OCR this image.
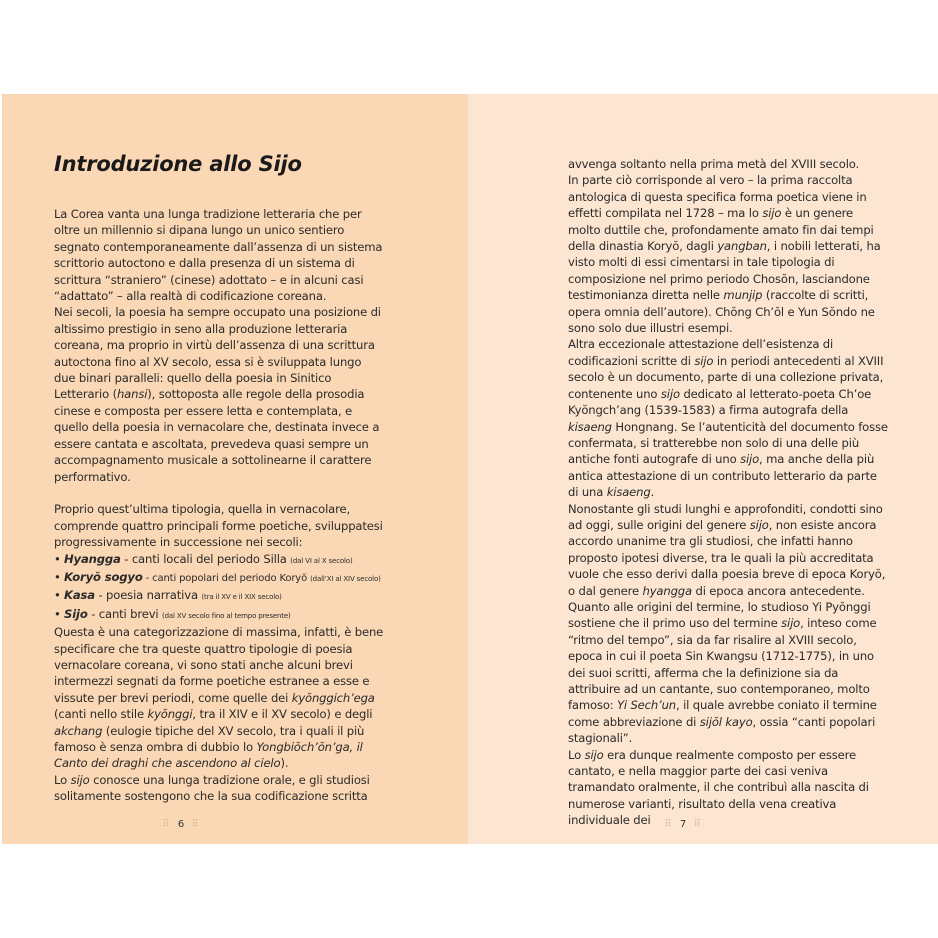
Introduzione allo Sijo

La Corea vanta una lunga tradizione letteraria che per oltre un millennio si dipana lungo un unico sentiero segnato contemporaneamente dall’assenza di un sistema scrittorio autoctono e dalla presenza di un sistema di scrittura “straniero” (cinese) adottato – e in alcuni casi “adattato” – alla realtà di codificazione coreana.

Nei secoli, la poesia ha sempre occupato una posizione di altissimo prestigio in seno alla produzione letteraria coreana, ma proprio in virtù dell’assenza di una scrittura autoctona fino al XV secolo, essa si è sviluppata lungo due binari paralleli: quello della poesia in Sinitico Letterario (hansi), sottoposta alle regole della prosodia cinese e composta per essere letta e contemplata, e quello della poesia in vernacolare che, destinata invece a essere cantata e ascoltata, prevedeva quasi sempre un accompagnamento musicale a sottolinearne il carattere performativo.

Proprio quest’ultima tipologia, quella in vernacolare, comprende quattro principali forme poetiche, sviluppatesi progressivamente in successione nei secoli:

• Hyangga - canti locali del periodo Silla (dal VI al X secolo)

• Koryŏ sogyo - canti popolari del periodo Koryŏ (dall’XI al XIV secolo)

• Kasa - poesia narrativa (tra il XV e il XIX secolo)

• Sijo - canti brevi (dal XV secolo fino al tempo presente)

Questa è una categorizzazione di massima, infatti, è bene specificare che tra queste quattro tipologie di poesia vernacolare coreana, vi sono stati anche alcuni brevi intermezzi segnati da forme poetiche estranee a esse e vissute per brevi periodi, come quelle dei kyŏnggich’ega (canti nello stile kyŏnggi, tra il XIV e il XV secolo) e degli akchang (eulogie tipiche del XV secolo, tra i quali il più famoso è senza ombra di dubbio lo Yongbiŏch’ŏn’ga, il Canto dei draghi che ascendono al cielo).

Lo sijo conosce una lunga tradizione orale, e gli studiosi solitamente sostengono che la sua codificazione scritta

⠿ 6 ⠿

avvenga soltanto nella prima metà del XVIII secolo.

In parte ciò corrisponde al vero – la prima raccolta antologica di questa specifica forma poetica viene in effetti compilata nel 1728 – ma lo sijo è un genere molto duttile che, profondamente amato fin dai tempi della dinastia Koryŏ, dagli yangban, i nobili letterati, ha visto molti di essi cimentarsi in tale tipologia di composizione nel primo periodo Chosŏn, lasciandone testimonianza diretta nelle munjip (raccolte di scritti, opera omnia dell’autore). Chŏng Ch’ŏl e Yun Sŏndo ne sono solo due illustri esempi.

Altra eccezionale attestazione dell’esistenza di codificazioni scritte di sijo in periodi antecedenti al XVIII secolo è un documento, parte di una collezione privata, contenente uno sijo dedicato al letterato-poeta Ch’oe Kyŏngch’ang (1539-1583) a firma autografa della kisaeng Hongnang. Se l’autenticità del documento fosse confermata, si tratterebbe non solo di una delle più antiche fonti autografe di uno sijo, ma anche della più antica attestazione di un contributo letterario da parte di una kisaeng.

Nonostante gli studi lunghi e approfonditi, condotti sino ad oggi, sulle origini del genere sijo, non esiste ancora accordo unanime tra gli studiosi, che infatti hanno proposto ipotesi diverse, tra le quali la più accreditata vuole che esso derivi dalla poesia breve di epoca Koryŏ, o dal genere hyangga di epoca ancora antecedente.

Quanto alle origini del termine, lo studioso Yi Pyŏnggi sostiene che il primo uso del termine sijo, inteso come “ritmo del tempo”, sia da far risalire al XVIII secolo, epoca in cui il poeta Sin Kwangsu (1712-1775), in uno dei suoi scritti, afferma che la definizione sia da attribuire ad un cantante, suo contemporaneo, molto famoso: Yi Sech’un, il quale avrebbe coniato il termine come abbreviazione di sijŏl kayo, ossia “canti popolari stagionali”.

Lo sijo era dunque realmente composto per essere cantato, e nella maggior parte dei casi veniva tramandato oralmente, il che contribuì alla nascita di numerose varianti, risultato della vena creativa individuale dei	⠿ 7 ⠿
